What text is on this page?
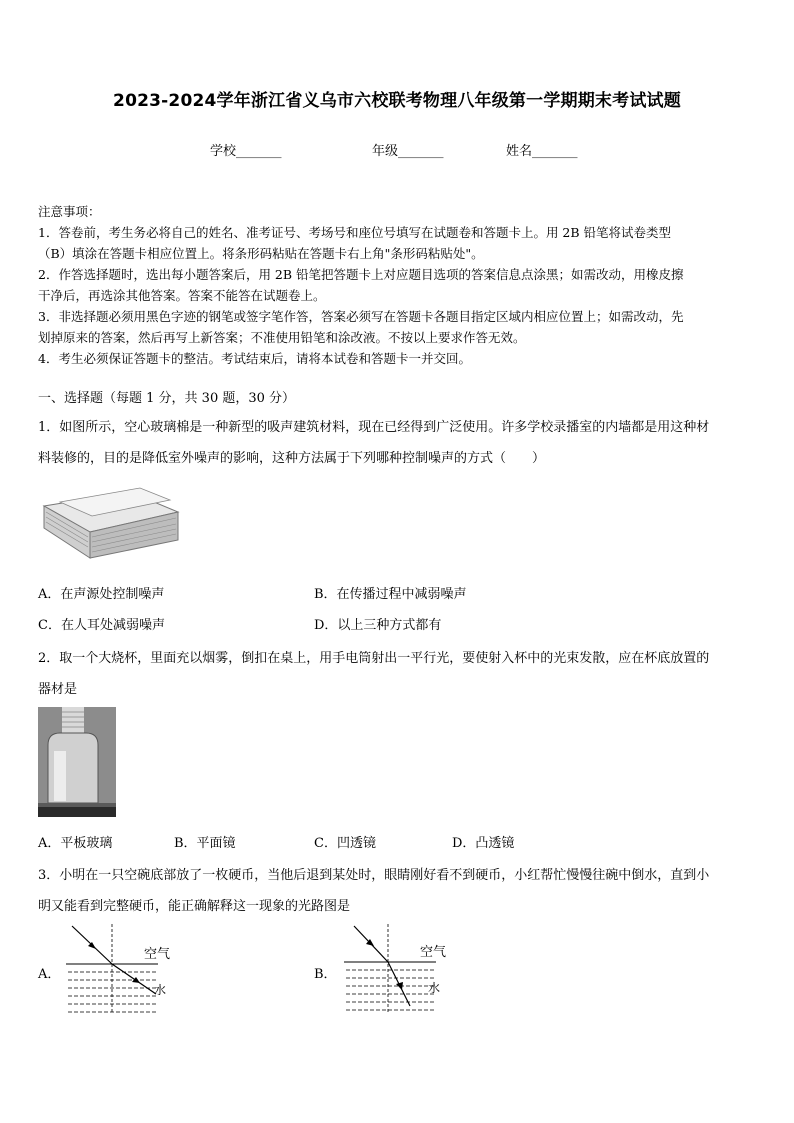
2023-2024学年浙江省义乌市六校联考物理八年级第一学期期末考试试题
学校_______	年级_______	姓名_______
注意事项：
1．答卷前，考生务必将自己的姓名、准考证号、考场号和座位号填写在试题卷和答题卡上。用 2B 铅笔将试卷类型
（B）填涂在答题卡相应位置上。将条形码粘贴在答题卡右上角"条形码粘贴处"。
2．作答选择题时，选出每小题答案后，用 2B 铅笔把答题卡上对应题目选项的答案信息点涂黑；如需改动，用橡皮擦
干净后，再选涂其他答案。答案不能答在试题卷上。
3．非选择题必须用黑色字迹的钢笔或签字笔作答，答案必须写在答题卡各题目指定区域内相应位置上；如需改动，先
划掉原来的答案，然后再写上新答案；不准使用铅笔和涂改液。不按以上要求作答无效。
4．考生必须保证答题卡的整洁。考试结束后，请将本试卷和答题卡一并交回。
一、选择题（每题 1 分，共 30 题，30 分）
1．如图所示，空心玻璃棉是一种新型的吸声建筑材料，现在已经得到广泛使用。许多学校录播室的内墙都是用这种材
料装修的，目的是降低室外噪声的影响，这种方法属于下列哪种控制噪声的方式（　　）
A．在声源处控制噪声	B．在传播过程中减弱噪声
C．在人耳处减弱噪声	D．以上三种方式都有
2．取一个大烧杯，里面充以烟雾，倒扣在桌上，用手电筒射出一平行光，要使射入杯中的光束发散，应在杯底放置的
器材是
A．平板玻璃	B．平面镜	C．凹透镜	D．凸透镜
3．小明在一只空碗底部放了一枚硬币，当他后退到某处时，眼睛刚好看不到硬币，小红帮忙慢慢往碗中倒水，直到小
明又能看到完整硬币，能正确解释这一现象的光路图是
A．
空气
水
B．
空气
水
